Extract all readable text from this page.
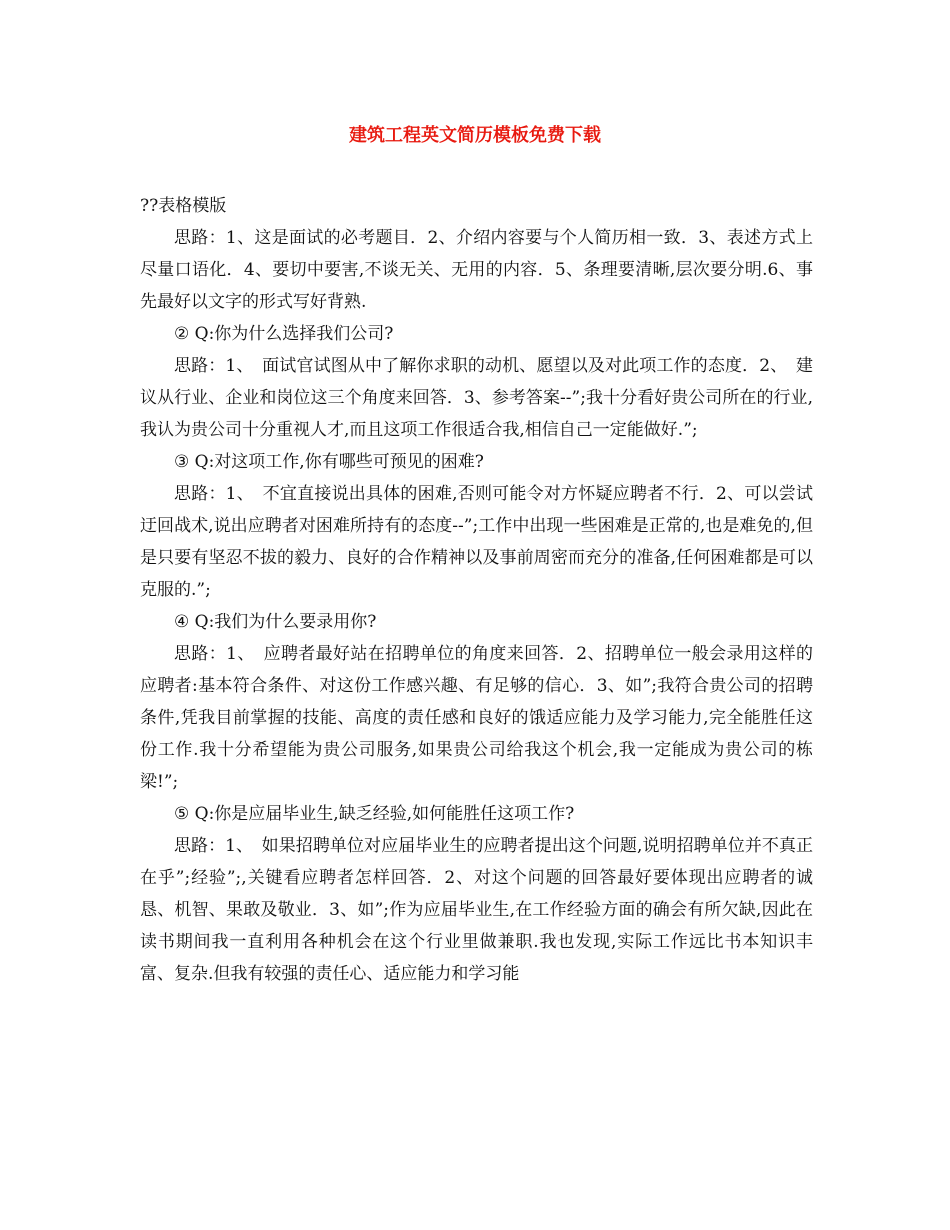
建筑工程英文简历模板免费下载

??表格模版

思路：1、这是面试的必考题目．2、介绍内容要与个人简历相一致．3、表述方式上尽量口语化．4、要切中要害,不谈无关、无用的内容．5、条理要清晰,层次要分明.6、事先最好以文字的形式写好背熟.

② Q:你为什么选择我们公司?

思路：1、　面试官试图从中了解你求职的动机、愿望以及对此项工作的态度．2、　建议从行业、企业和岗位这三个角度来回答．3、参考答案--”;我十分看好贵公司所在的行业,我认为贵公司十分重视人才,而且这项工作很适合我,相信自己一定能做好.”;

③ Q:对这项工作,你有哪些可预见的困难?

思路：1、　不宜直接说出具体的困难,否则可能令对方怀疑应聘者不行．2、可以尝试迂回战术,说出应聘者对困难所持有的态度--”;工作中出现一些困难是正常的,也是难免的,但是只要有坚忍不拔的毅力、良好的合作精神以及事前周密而充分的准备,任何困难都是可以克服的.”;

④ Q:我们为什么要录用你?

思路：1、　应聘者最好站在招聘单位的角度来回答．2、招聘单位一般会录用这样的应聘者:基本符合条件、对这份工作感兴趣、有足够的信心．3、如”;我符合贵公司的招聘条件,凭我目前掌握的技能、高度的责任感和良好的饿适应能力及学习能力,完全能胜任这份工作.我十分希望能为贵公司服务,如果贵公司给我这个机会,我一定能成为贵公司的栋梁!”;

⑤ Q:你是应届毕业生,缺乏经验,如何能胜任这项工作?

思路：1、　如果招聘单位对应届毕业生的应聘者提出这个问题,说明招聘单位并不真正在乎”;经验”;,关键看应聘者怎样回答．2、对这个问题的回答最好要体现出应聘者的诚恳、机智、果敢及敬业．3、如”;作为应届毕业生,在工作经验方面的确会有所欠缺,因此在读书期间我一直利用各种机会在这个行业里做兼职.我也发现,实际工作远比书本知识丰富、复杂.但我有较强的责任心、适应能力和学习能
